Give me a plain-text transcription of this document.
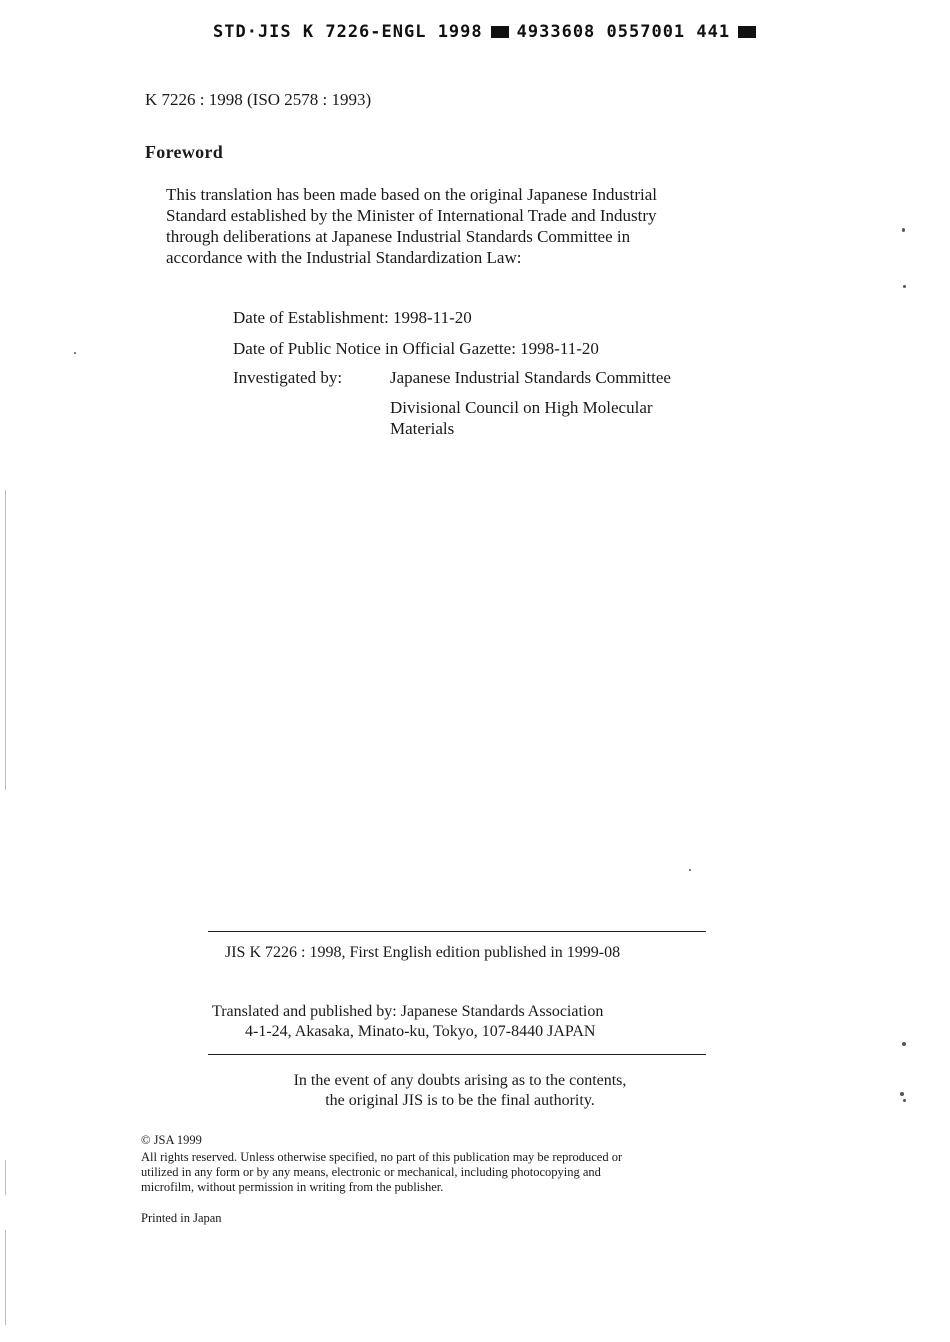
STD·JIS K 7226-ENGL 1998 4933608 0557001 441
K 7226 : 1998 (ISO 2578 : 1993)
Foreword
This translation has been made based on the original Japanese Industrial
Standard established by the Minister of International Trade and Industry
through deliberations at Japanese Industrial Standards Committee in
accordance with the Industrial Standardization Law:
Date of Establishment: 1998-11-20
Date of Public Notice in Official Gazette: 1998-11-20
Investigated by:	Japanese Industrial Standards Committee
Divisional Council on High Molecular
Materials
JIS K 7226 : 1998, First English edition published in 1999-08
Translated and published by: Japanese Standards Association
4-1-24, Akasaka, Minato-ku, Tokyo, 107-8440 JAPAN
In the event of any doubts arising as to the contents,
the original JIS is to be the final authority.
© JSA 1999
All rights reserved. Unless otherwise specified, no part of this publication may be reproduced or
utilized in any form or by any means, electronic or mechanical, including photocopying and
microfilm, without permission in writing from the publisher.
Printed in Japan
